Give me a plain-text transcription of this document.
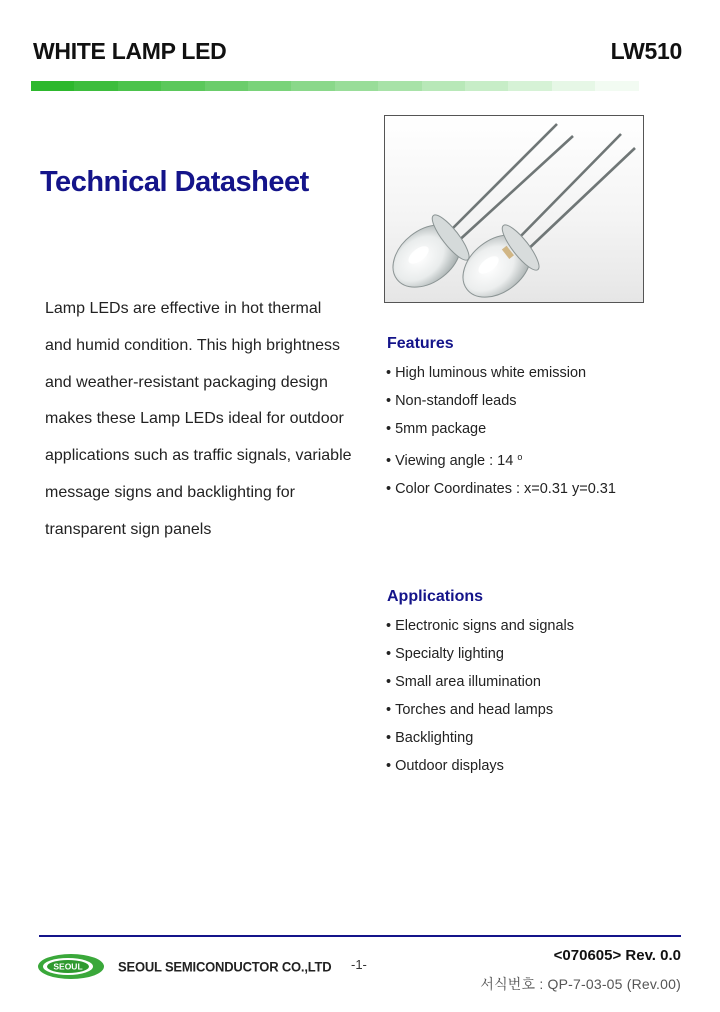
WHITE LAMP LED	LW510
Technical Datasheet
Lamp LEDs are effective in hot thermal
and humid condition. This high brightness
and weather-resistant packaging design
makes these Lamp LEDs ideal for outdoor
applications such as traffic signals, variable
message signs and backlighting for
transparent sign panels
Features
• High luminous white emission
• Non-standoff leads
• 5mm package
• Viewing angle : 14 $^o$
• Color Coordinates : x=0.31 y=0.31
Applications
• Electronic signs and signals
• Specialty lighting
• Small area illumination
• Torches and head lamps
• Backlighting
• Outdoor displays
SEOUL	SEOUL SEMICONDUCTOR CO.,LTD -1-
<070605> Rev. 0.0
서식번호 : QP-7-03-05 (Rev.00)
